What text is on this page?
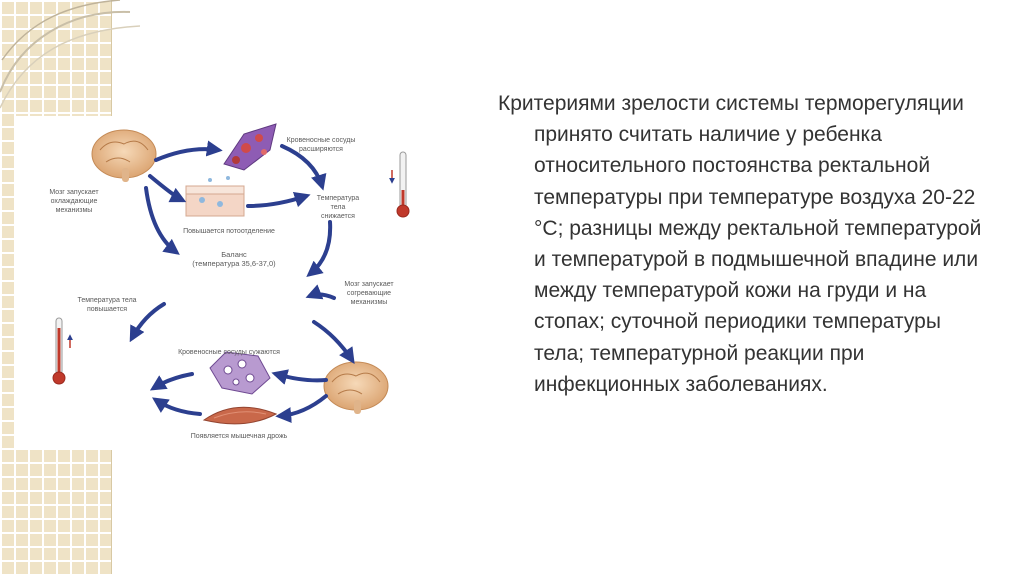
Кровеносные сосуды
расширяются
Мозг запускает
охлаждающие
механизмы
Температура
тела
снижается
Повышается потоотделение
Баланс
(температура 35,6-37,0)
Мозг запускает
согревающие
механизмы
Температура тела
повышается
Кровеносные сосуды сужаются
Появляется мышечная дрожь

Критериями зрелости системы терморегуляции принято считать наличие у ребенка относительного постоянства ректальной температуры при температуре воздуха 20-22 °С; разницы между ректальной температурой и температурой в подмышечной впадине или между температурой кожи на груди и на стопах; суточной периодики температуры тела; температурной реакции при инфекционных заболеваниях.
